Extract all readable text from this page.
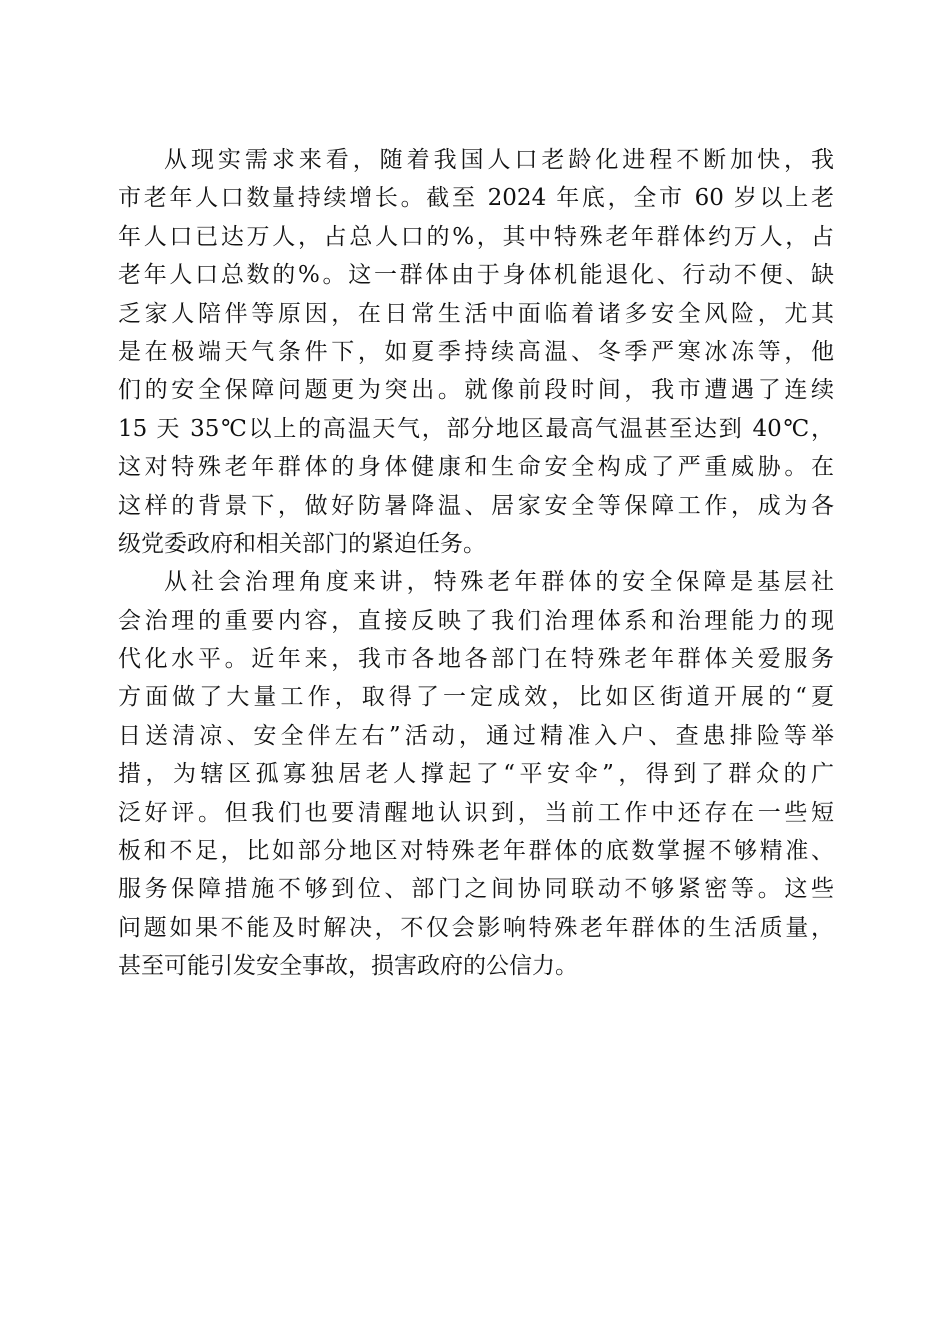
从现实需求来看，随着我国人口老龄化进程不断加快，我
市老年人口数量持续增长。截至 2024 年底，全市 60 岁以上老
年人口已达万人，占总人口的%，其中特殊老年群体约万人，占
老年人口总数的%。这一群体由于身体机能退化、行动不便、缺
乏家人陪伴等原因，在日常生活中面临着诸多安全风险，尤其
是在极端天气条件下，如夏季持续高温、冬季严寒冰冻等，他
们的安全保障问题更为突出。就像前段时间，我市遭遇了连续
15 天 35℃以上的高温天气，部分地区最高气温甚至达到 40℃，
这对特殊老年群体的身体健康和生命安全构成了严重威胁。在
这样的背景下，做好防暑降温、居家安全等保障工作，成为各
级党委政府和相关部门的紧迫任务。

从社会治理角度来讲，特殊老年群体的安全保障是基层社
会治理的重要内容，直接反映了我们治理体系和治理能力的现
代化水平。近年来，我市各地各部门在特殊老年群体关爱服务
方面做了大量工作，取得了一定成效，比如区街道开展的“夏
日送清凉、安全伴左右”活动，通过精准入户、查患排险等举
措，为辖区孤寡独居老人撑起了“平安伞”，得到了群众的广
泛好评。但我们也要清醒地认识到，当前工作中还存在一些短
板和不足，比如部分地区对特殊老年群体的底数掌握不够精准、
服务保障措施不够到位、部门之间协同联动不够紧密等。这些
问题如果不能及时解决，不仅会影响特殊老年群体的生活质量，
甚至可能引发安全事故，损害政府的公信力。
